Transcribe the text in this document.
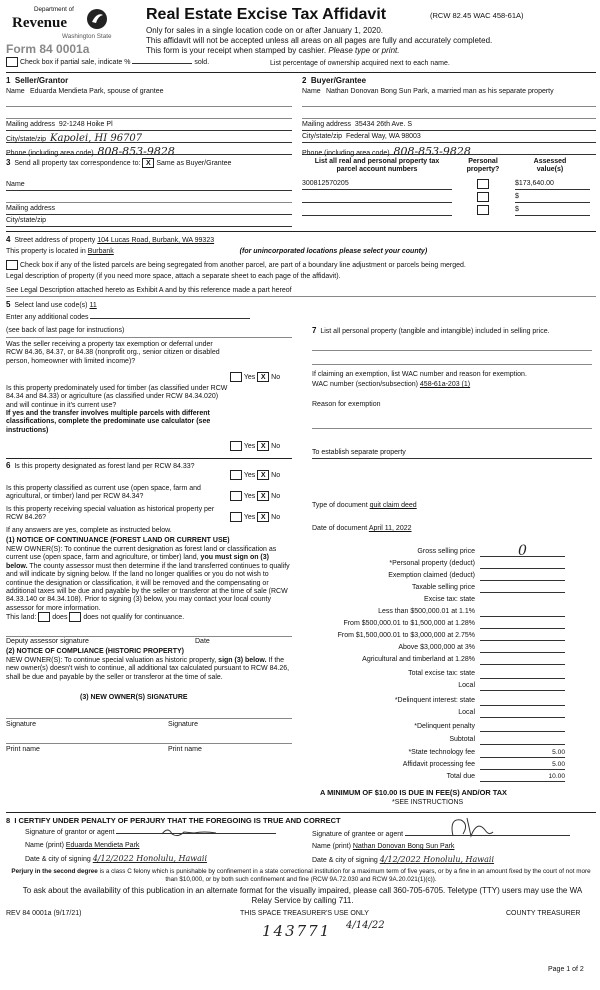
Department of
Revenue
Washington State
Form 84 0001a
Real Estate Excise Tax Affidavit	(RCW 82.45 WAC 458-61A)
Only for sales in a single location code on or after January 1, 2020.
This affidavit will not be accepted unless all areas on all pages are fully and accurately completed.
This form is your receipt when stamped by cashier. Please type or print.
Check box if partial sale, indicate %	sold.	List percentage of ownership acquired next to each name.
1  Seller/Grantor
Name Eduarda Mendieta Park, spouse of grantee
Mailing address 92-1248 Hoike Pl
City/state/zip Kapolei, HI 96707
Phone (including area code) 808-853-9828
2  Buyer/Grantee
Name Nathan Donovan Bong Sun Park, a married man as his separate property
Mailing address 35434 26th Ave. S
City/state/zip Federal Way, WA 98003
Phone (including area code) 808-853-9828
3 Send all property tax correspondence to: X Same as Buyer/Grantee
Name
Mailing address
City/state/zip
List all real and personal property tax parcel account numbers
Personal property?
Assessed value(s)
300812570205	$173,640.00
$
$
4 Street address of property 104 Lucas Road, Burbank, WA 99323
This property is located in Burbank	(for unincorporated locations please select your county)
Check box if any of the listed parcels are being segregated from another parcel, are part of a boundary line adjustment or parcels being merged.
Legal description of property (if you need more space, attach a separate sheet to each page of the affidavit).
See Legal Description attached hereto as Exhibit A and by this reference made a part hereof
5 Select land use code(s) 11
Enter any additional codes
(see back of last page for instructions)
Was the seller receiving a property tax exemption or deferral under RCW 84.36, 84.37, or 84.38 (nonprofit org., senior citizen or disabled person, homeowner with limited income)?
Yes X No
Is this property predominately used for timber (as classified under RCW 84.34 and 84.33) or agriculture (as classified under RCW 84.34.020) and will continue in it's current use?
If yes and the transfer involves multiple parcels with different classifications, complete the predominate use calculator (see instructions)
Yes X No
7 List all personal property (tangible and intangible) included in selling price.
If claiming an exemption, list WAC number and reason for exemption.
WAC number (section/subsection) 458-61a-203 (1)
Reason for exemption
To establish separate property
6 Is this property designated as forest land per RCW 84.33?
Yes X No
Is this property classified as current use (open space, farm and agricultural, or timber) land per RCW 84.34?	Yes X No
Is this property receiving special valuation as historical property per RCW 84.26?	Yes X No
If any answers are yes, complete as instructed below.
(1) NOTICE OF CONTINUANCE (FOREST LAND OR CURRENT USE)
NEW OWNER(S): To continue the current designation as forest land or classification as current use (open space, farm and agriculture, or timber) land, you must sign on (3) below. The county assessor must then determine if the land transferred continues to qualify and will indicate by signing below. If the land no longer qualifies or you do not wish to continue the designation or classification, it will be removed and the compensating or additional taxes will be due and payable by the seller or transferor at the time of sale (RCW 84.33.140 or 84.34.108). Prior to signing (3) below, you may contact your local county assessor for more information.
This land: does does not qualify for continuance.
Deputy assessor signature	Date
(2) NOTICE OF COMPLIANCE (HISTORIC PROPERTY)
NEW OWNER(S): To continue special valuation as historic property, sign (3) below. If the new owner(s) doesn't wish to continue, all additional tax calculated pursuant to RCW 84.26, shall be due and payable by the seller or transferor at the time of sale.
(3) NEW OWNER(S) SIGNATURE
Signature	Signature
Print name	Print name
Type of document quit claim deed
Date of document April 11, 2022
Gross selling price	0
*Personal property (deduct)
Exemption claimed (deduct)
Taxable selling price
Excise tax: state
Less than $500,000.01 at 1.1%
From $500,000.01 to $1,500,000 at 1.28%
From $1,500,000.01 to $3,000,000 at 2.75%
Above $3,000,000 at 3%
Agricultural and timberland at 1.28%
Total excise tax: state
Local
*Delinquent interest: state
Local
*Delinquent penalty
Subtotal
*State technology fee	5.00
Affidavit processing fee	5.00
Total due	10.00
A MINIMUM OF $10.00 IS DUE IN FEE(S) AND/OR TAX
*SEE INSTRUCTIONS
8  I CERTIFY UNDER PENALTY OF PERJURY THAT THE FOREGOING IS TRUE AND CORRECT
Signature of grantor or agent
Name (print) Eduarda Mendieta Park
Date & city of signing 4/12/2022 Honolulu, Hawaii
Signature of grantee or agent
Name (print) Nathan Donovan Bong Sun Park
Date & city of signing 4/12/2022 Honolulu, Hawaii
Perjury in the second degree is a class C felony which is punishable by confinement in a state correctional institution for a maximum term of five years, or by a fine in an amount fixed by the court of not more than $10,000, or by both such confinement and fine (RCW 9A.72.030 and RCW 9A.20.021(1)(c)).
To ask about the availability of this publication in an alternate format for the visually impaired, please call 360-705-6705. Teletype (TTY) users may use the WA Relay Service by calling 711.
REV 84 0001a (9/17/21)	THIS SPACE TREASURER'S USE ONLY	COUNTY TREASURER
143771 4/14/22
Page 1 of 2
